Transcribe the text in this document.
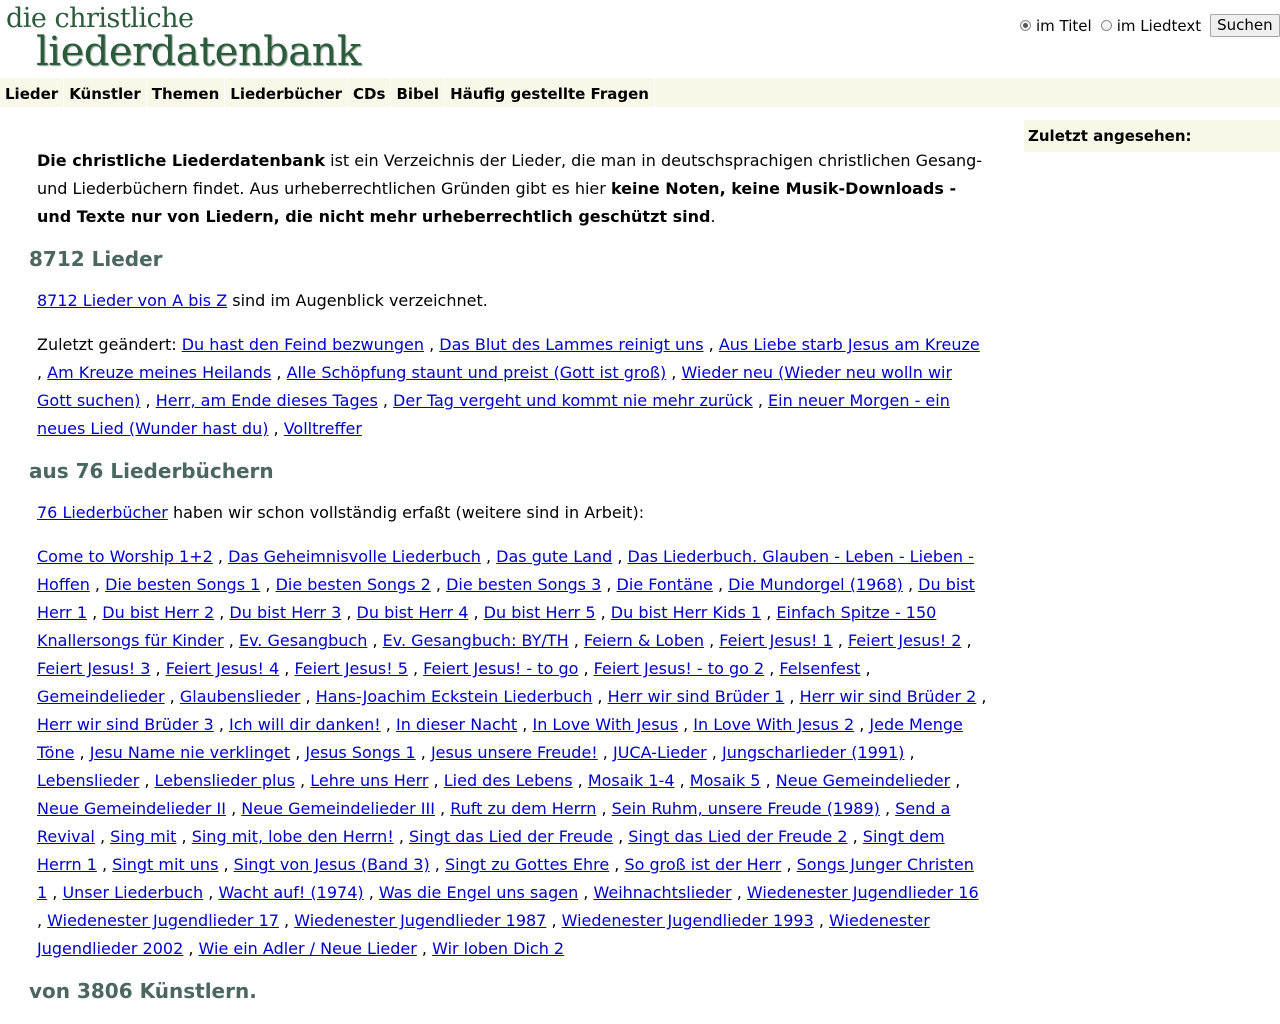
die christliche
liederdatenbank
im Titel im Liedtext	Suchen
Lieder Künstler Themen Liederbücher CDs Bibel Häufig gestellte Fragen
Zuletzt angesehen:

Die christliche Liederdatenbank ist ein Verzeichnis der Lieder, die man in deutschsprachigen christlichen Gesang- und Liederbüchern findet. Aus urheberrechtlichen Gründen gibt es hier keine Noten, keine Musik-Downloads - und Texte nur von Liedern, die nicht mehr urheberrechtlich geschützt sind.

8712 Lieder

8712 Lieder von A bis Z sind im Augenblick verzeichnet.

Zuletzt geändert: Du hast den Feind bezwungen , Das Blut des Lammes reinigt uns , Aus Liebe starb Jesus am Kreuze , Am Kreuze meines Heilands , Alle Schöpfung staunt und preist (Gott ist groß) , Wieder neu (Wieder neu wolln wir Gott suchen) , Herr, am Ende dieses Tages , Der Tag vergeht und kommt nie mehr zurück , Ein neuer Morgen - ein neues Lied (Wunder hast du) , Volltreffer

aus 76 Liederbüchern

76 Liederbücher haben wir schon vollständig erfaßt (weitere sind in Arbeit):

Come to Worship 1+2 , Das Geheimnisvolle Liederbuch , Das gute Land , Das Liederbuch. Glauben - Leben - Lieben - Hoffen , Die besten Songs 1 , Die besten Songs 2 , Die besten Songs 3 , Die Fontäne , Die Mundorgel (1968) , Du bist Herr 1 , Du bist Herr 2 , Du bist Herr 3 , Du bist Herr 4 , Du bist Herr 5 , Du bist Herr Kids 1 , Einfach Spitze - 150 Knallersongs für Kinder , Ev. Gesangbuch , Ev. Gesangbuch: BY/TH , Feiern & Loben , Feiert Jesus! 1 , Feiert Jesus! 2 , Feiert Jesus! 3 , Feiert Jesus! 4 , Feiert Jesus! 5 , Feiert Jesus! - to go , Feiert Jesus! - to go 2 , Felsenfest , Gemeindelieder , Glaubenslieder , Hans-Joachim Eckstein Liederbuch , Herr wir sind Brüder 1 , Herr wir sind Brüder 2 , Herr wir sind Brüder 3 , Ich will dir danken! , In dieser Nacht , In Love With Jesus , In Love With Jesus 2 , Jede Menge Töne , Jesu Name nie verklinget , Jesus Songs 1 , Jesus unsere Freude! , JUCA-Lieder , Jungscharlieder (1991) , Lebenslieder , Lebenslieder plus , Lehre uns Herr , Lied des Lebens , Mosaik 1-4 , Mosaik 5 , Neue Gemeindelieder , Neue Gemeindelieder II , Neue Gemeindelieder III , Ruft zu dem Herrn , Sein Ruhm, unsere Freude (1989) , Send a Revival , Sing mit , Sing mit, lobe den Herrn! , Singt das Lied der Freude , Singt das Lied der Freude 2 , Singt dem Herrn 1 , Singt mit uns , Singt von Jesus (Band 3) , Singt zu Gottes Ehre , So groß ist der Herr , Songs Junger Christen 1 , Unser Liederbuch , Wacht auf! (1974) , Was die Engel uns sagen , Weihnachtslieder , Wiedenester Jugendlieder 16 , Wiedenester Jugendlieder 17 , Wiedenester Jugendlieder 1987 , Wiedenester Jugendlieder 1993 , Wiedenester Jugendlieder 2002 , Wie ein Adler / Neue Lieder , Wir loben Dich 2

von 3806 Künstlern.
